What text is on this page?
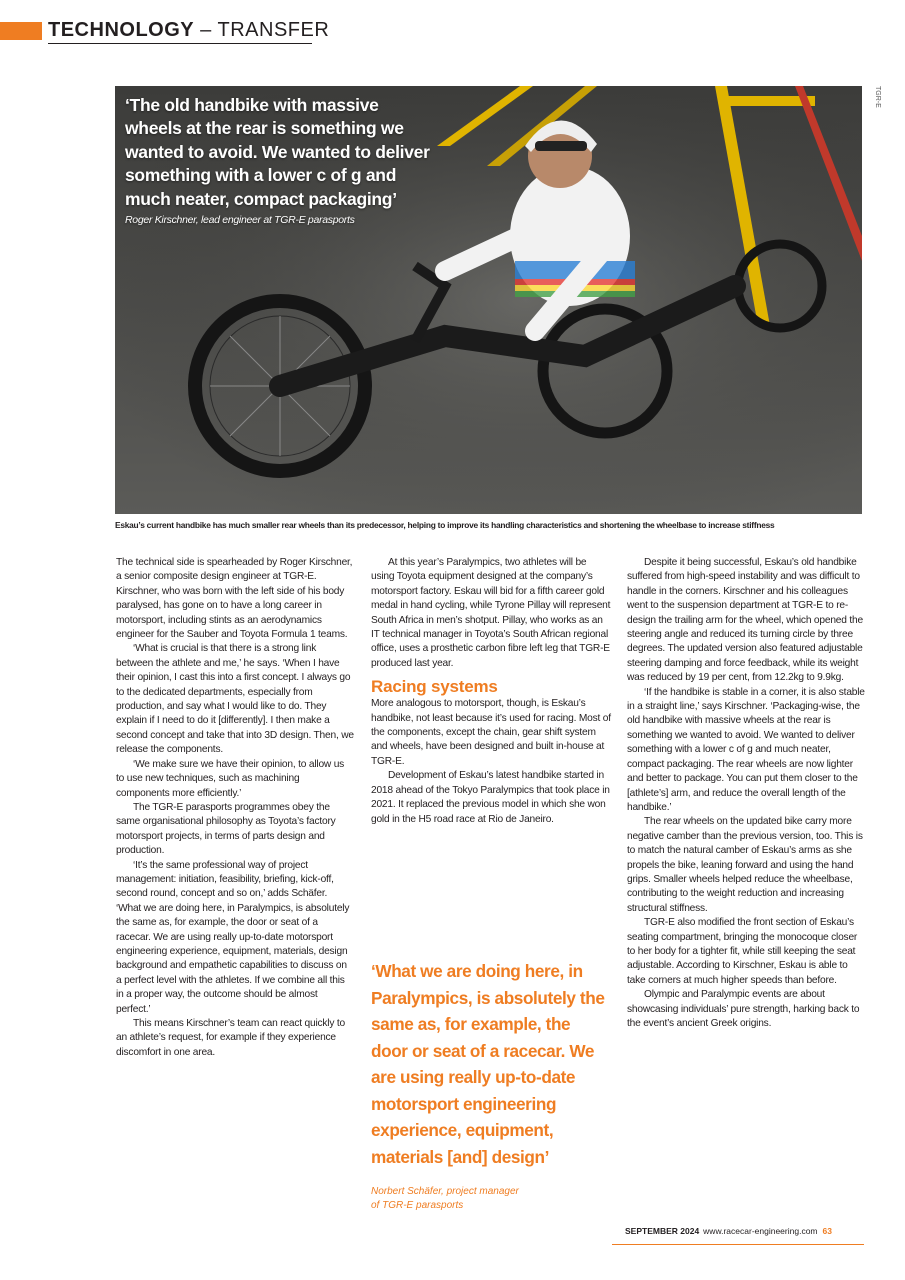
TECHNOLOGY – TRANSFER
‘The old handbike with massive wheels at the rear is something we wanted to avoid. We wanted to deliver something with a lower c of g and much neater, compact packaging’
Roger Kirschner, lead engineer at TGR-E parasports
TGR-E
Eskau’s current handbike has much smaller rear wheels than its predecessor, helping to improve its handling characteristics and shortening the wheelbase to increase stiffness

The technical side is spearheaded by Roger Kirschner, a senior composite design engineer at TGR-E. Kirschner, who was born with the left side of his body paralysed, has gone on to have a long career in motorsport, including stints as an aerodynamics engineer for the Sauber and Toyota Formula 1 teams.

‘What is crucial is that there is a strong link between the athlete and me,’ he says. ‘When I have their opinion, I cast this into a first concept. I always go to the dedicated departments, especially from production, and say what I would like to do. They explain if I need to do it [differently]. I then make a second concept and take that into 3D design. Then, we release the components.

‘We make sure we have their opinion, to allow us to use new techniques, such as machining components more efficiently.’

The TGR-E parasports programmes obey the same organisational philosophy as Toyota’s factory motorsport projects, in terms of parts design and production.

‘It’s the same professional way of project management: initiation, feasibility, briefing, kick-off, second round, concept and so on,’ adds Schäfer. ‘What we are doing here, in Paralympics, is absolutely the same as, for example, the door or seat of a racecar. We are using really up-to-date motorsport engineering experience, equipment, materials, design background and empathetic capabilities to discuss on a perfect level with the athletes. If we combine all this in a proper way, the outcome should be almost perfect.’

This means Kirschner’s team can react quickly to an athlete’s request, for example if they experience discomfort in one area.

At this year’s Paralympics, two athletes will be using Toyota equipment designed at the company’s motorsport factory. Eskau will bid for a fifth career gold medal in hand cycling, while Tyrone Pillay will represent South Africa in men’s shotput. Pillay, who works as an IT technical manager in Toyota’s South African regional office, uses a prosthetic carbon fibre left leg that TGR-E produced last year.

Racing systems

More analogous to motorsport, though, is Eskau’s handbike, not least because it’s used for racing. Most of the components, except the chain, gear shift system and wheels, have been designed and built in-house at TGR-E.

Development of Eskau’s latest handbike started in 2018 ahead of the Tokyo Paralympics that took place in 2021. It replaced the previous model in which she won gold in the H5 road race at Rio de Janeiro.

‘What we are doing here, in Paralympics, is absolutely the same as, for example, the door or seat of a racecar. We are using really up-to-date motorsport engineering experience, equipment, materials [and] design’
Norbert Schäfer, project manager
of TGR-E parasports

Despite it being successful, Eskau’s old handbike suffered from high-speed instability and was difficult to handle in the corners. Kirschner and his colleagues went to the suspension department at TGR-E to re-design the trailing arm for the wheel, which opened the steering angle and reduced its turning circle by three degrees. The updated version also featured adjustable steering damping and force feedback, while its weight was reduced by 19 per cent, from 12.2kg to 9.9kg.

‘If the handbike is stable in a corner, it is also stable in a straight line,’ says Kirschner. ‘Packaging-wise, the old handbike with massive wheels at the rear is something we wanted to avoid. We wanted to deliver something with a lower c of g and much neater, compact packaging. The rear wheels are now lighter and better to package. You can put them closer to the [athlete’s] arm, and reduce the overall length of the handbike.’

The rear wheels on the updated bike carry more negative camber than the previous version, too. This is to match the natural camber of Eskau’s arms as she propels the bike, leaning forward and using the hand grips. Smaller wheels helped reduce the wheelbase, contributing to the weight reduction and increasing structural stiffness.

TGR-E also modified the front section of Eskau’s seating compartment, bringing the monocoque closer to her body for a tighter fit, while still keeping the seat adjustable. According to Kirschner, Eskau is able to take corners at much higher speeds than before.

Olympic and Paralympic events are about showcasing individuals’ pure strength, harking back to the event’s ancient Greek origins.

SEPTEMBER 2024 www.racecar-engineering.com 63
